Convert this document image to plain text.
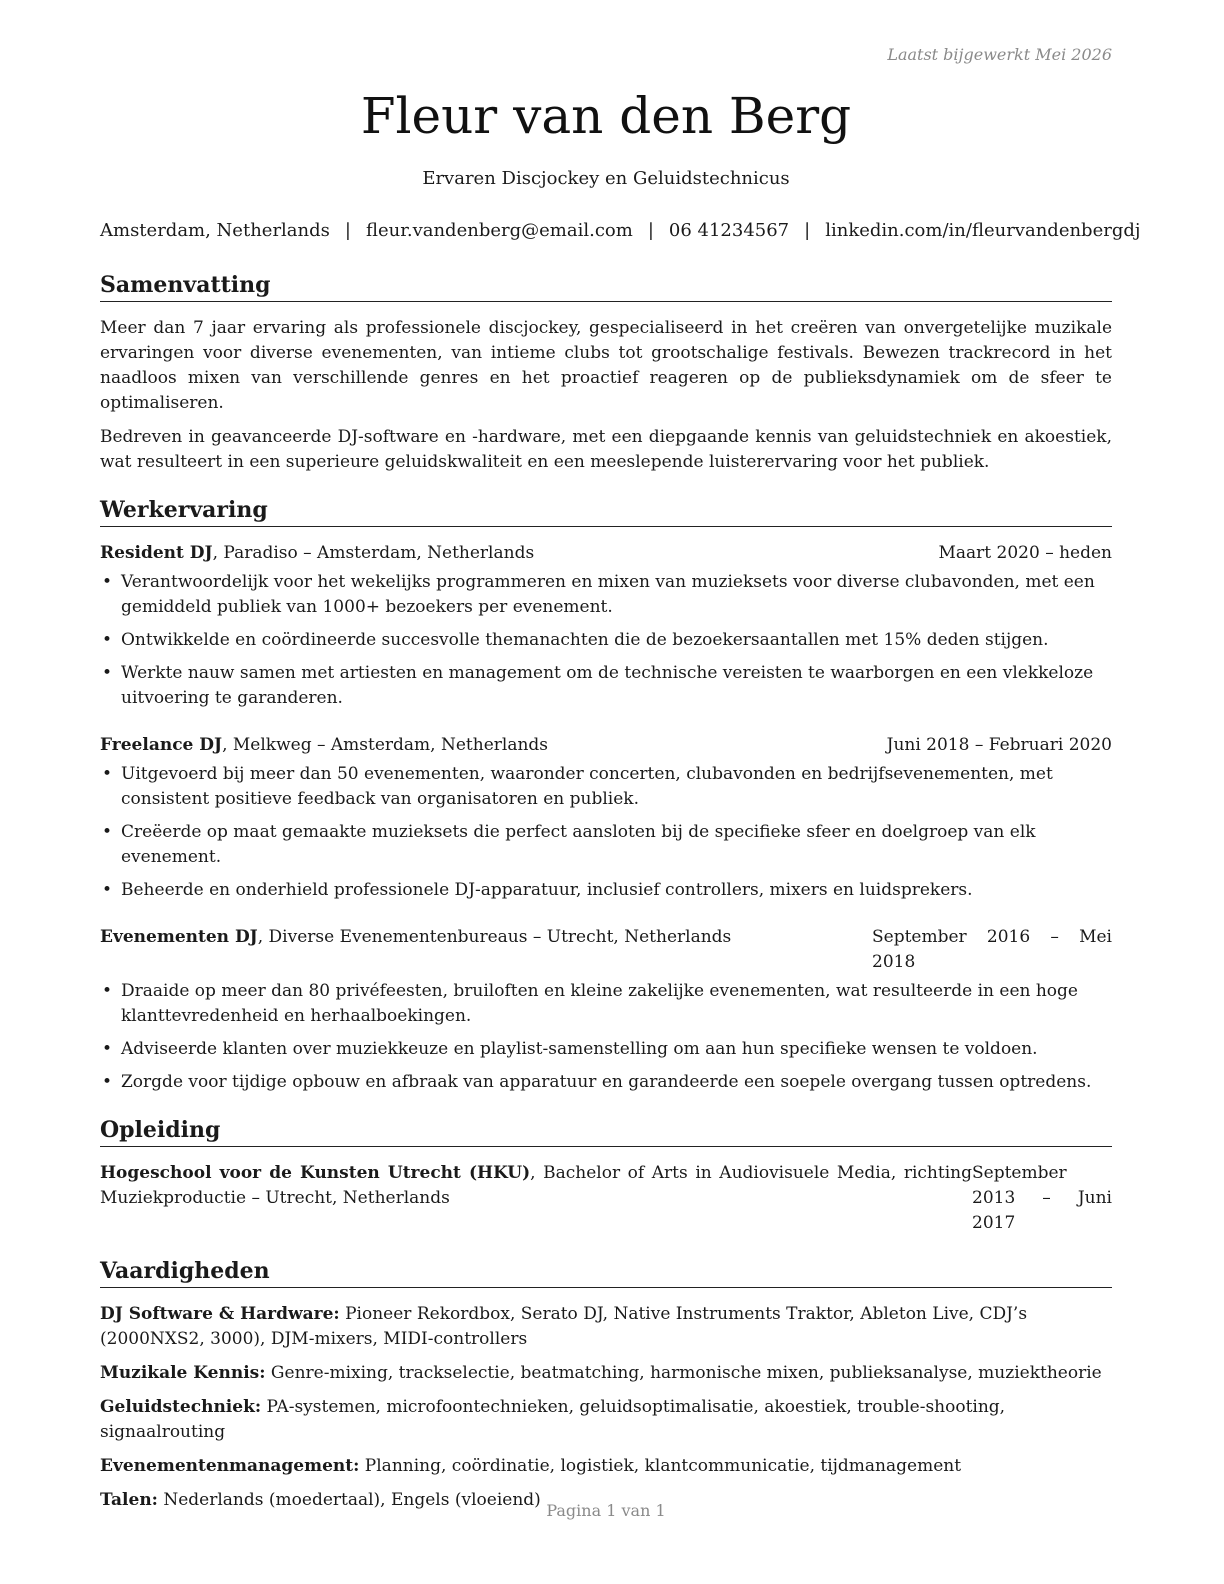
Laatst bijgewerkt Mei 2026

Fleur van den Berg

Ervaren Discjockey en Geluidstechnicus

Amsterdam, Netherlands | fleur.vandenberg@email.com | 06 41234567 | linkedin.com/in/fleurvandenbergdj

Samenvatting

Meer dan 7 jaar ervaring als professionele discjockey, gespecialiseerd in het creëren van onvergetelijke muzikale ervaringen voor diverse evenementen, van intieme clubs tot grootschalige festivals. Bewezen trackrecord in het naadloos mixen van verschillende genres en het proactief reageren op de publieksdynamiek om de sfeer te optimaliseren.

Bedreven in geavanceerde DJ-software en -hardware, met een diepgaande kennis van geluidstechniek en akoestiek, wat resulteert in een superieure geluidskwaliteit en een meeslepende luisterervaring voor het publiek.

Werkervaring
Resident DJ, Paradiso – Amsterdam, Netherlands	Maart 2020 – heden
• Verantwoordelijk voor het wekelijks programmeren en mixen van muzieksets voor diverse clubavonden, met een gemiddeld publiek van 1000+ bezoekers per evenement.
• Ontwikkelde en coördineerde succesvolle themanachten die de bezoekersaantallen met 15% deden stijgen.
• Werkte nauw samen met artiesten en management om de technische vereisten te waarborgen en een vlekkeloze uitvoering te garanderen.
Freelance DJ, Melkweg – Amsterdam, Netherlands	Juni 2018 – Februari 2020
• Uitgevoerd bij meer dan 50 evenementen, waaronder concerten, clubavonden en bedrijfsevenementen, met consistent positieve feedback van organisatoren en publiek.
• Creëerde op maat gemaakte muzieksets die perfect aansloten bij de specifieke sfeer en doelgroep van elk evenement.
• Beheerde en onderhield professionele DJ-apparatuur, inclusief controllers, mixers en luidsprekers.
Evenementen DJ, Diverse Evenementenbureaus – Utrecht, Netherlands	September 2016 – Mei 2018
• Draaide op meer dan 80 privéfeesten, bruiloften en kleine zakelijke evenementen, wat resulteerde in een hoge klanttevredenheid en herhaalboekingen.
• Adviseerde klanten over muziekkeuze en playlist-samenstelling om aan hun specifieke wensen te voldoen.
• Zorgde voor tijdige opbouw en afbraak van apparatuur en garandeerde een soepele overgang tussen optredens.
Opleiding
Hogeschool voor de Kunsten Utrecht (HKU), Bachelor of Arts in Audiovisuele Media, richting Muziekproductie – Utrecht, Netherlands
September 2013 – Juni 2017
Vaardigheden

DJ Software & Hardware: Pioneer Rekordbox, Serato DJ, Native Instruments Traktor, Ableton Live, CDJ’s (2000NXS2, 3000), DJM-mixers, MIDI-controllers

Muzikale Kennis: Genre-mixing, trackselectie, beatmatching, harmonische mixen, publieksanalyse, muziektheorie

Geluidstechniek: PA-systemen, microfoontechnieken, geluidsoptimalisatie, akoestiek, trouble-shooting, signaalrouting

Evenementenmanagement: Planning, coördinatie, logistiek, klantcommunicatie, tijdmanagement

Talen: Nederlands (moedertaal), Engels (vloeiend)

Pagina 1 van 1
